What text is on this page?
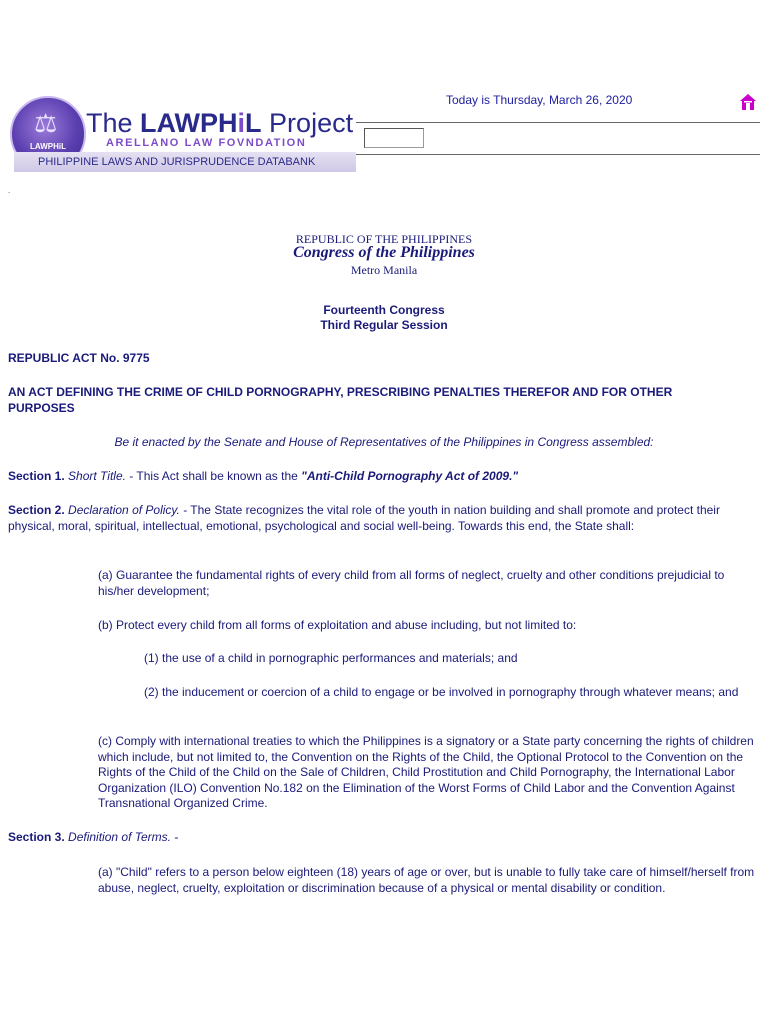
⚖
LAWPHiL
The LAWPHiL Project
ARELLANO LAW FOVNDATION
PHILIPPINE LAWS AND JURISPRUDENCE DATABANK
Today is Thursday, March 26, 2020
.
REPUBLIC OF THE PHILIPPINES
Congress of the Philippines
Metro Manila
Fourteenth Congress
Third Regular Session
REPUBLIC ACT No. 9775
AN ACT DEFINING THE CRIME OF CHILD PORNOGRAPHY, PRESCRIBING PENALTIES THEREFOR AND FOR OTHER
PURPOSES
Be it enacted by the Senate and House of Representatives of the Philippines in Congress assembled:
Section 1. Short Title. - This Act shall be known as the "Anti-Child Pornography Act of 2009."
Section 2. Declaration of Policy. - The State recognizes the vital role of the youth in nation building and shall promote and protect their physical, moral, spiritual, intellectual, emotional, psychological and social well-being. Towards this end, the State shall:
(a) Guarantee the fundamental rights of every child from all forms of neglect, cruelty and other conditions prejudicial to his/her development;
(b) Protect every child from all forms of exploitation and abuse including, but not limited to:
(1) the use of a child in pornographic performances and materials; and
(2) the inducement or coercion of a child to engage or be involved in pornography through whatever means; and
(c) Comply with international treaties to which the Philippines is a signatory or a State party concerning the rights of children which include, but not limited to, the Convention on the Rights of the Child, the Optional Protocol to the Convention on the Rights of the Child of the Child on the Sale of Children, Child Prostitution and Child Pornography, the International Labor Organization (ILO) Convention No.182 on the Elimination of the Worst Forms of Child Labor and the Convention Against Transnational Organized Crime.
Section 3. Definition of Terms. -
(a) "Child" refers to a person below eighteen (18) years of age or over, but is unable to fully take care of himself/herself from abuse, neglect, cruelty, exploitation or discrimination because of a physical or mental disability or condition.
